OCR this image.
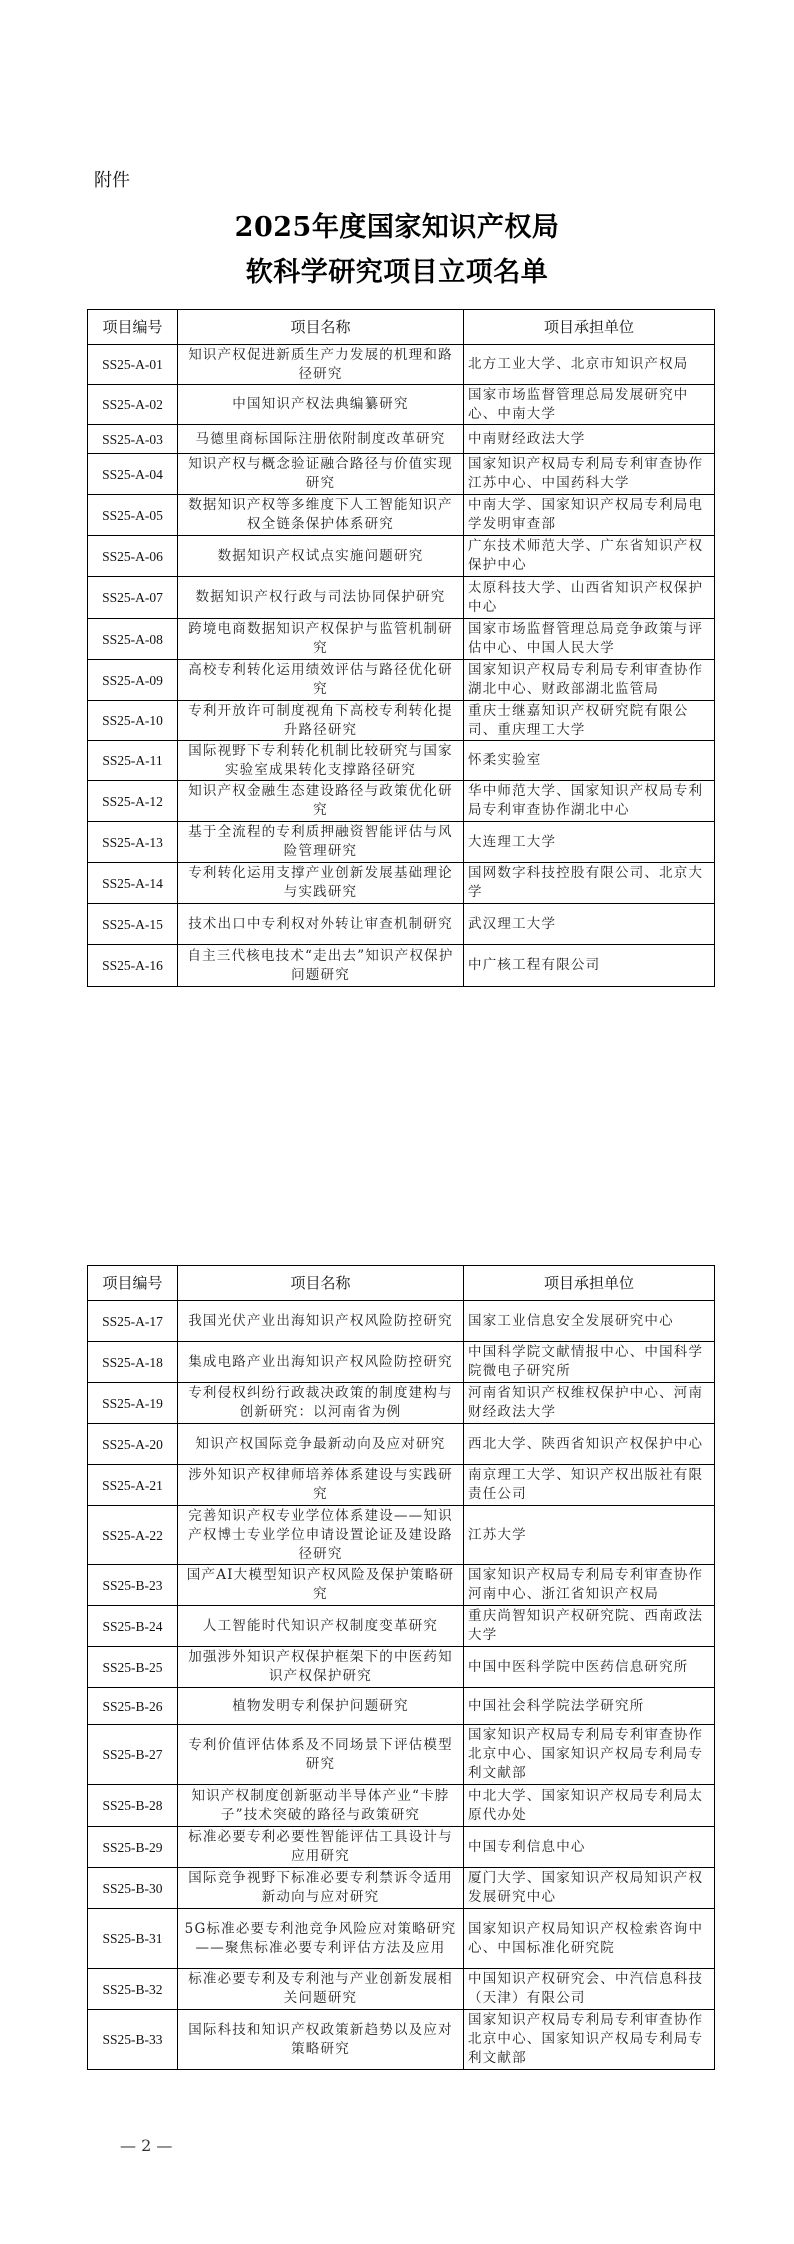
附件
2025年度国家知识产权局
软科学研究项目立项名单
项目编号	项目名称	项目承担单位
SS25-A-01	知识产权促进新质生产力发展的机理和路径研究	北方工业大学、北京市知识产权局
SS25-A-02	中国知识产权法典编纂研究	国家市场监督管理总局发展研究中心、中南大学
SS25-A-03	马德里商标国际注册依附制度改革研究	中南财经政法大学
SS25-A-04	知识产权与概念验证融合路径与价值实现研究	国家知识产权局专利局专利审查协作江苏中心、中国药科大学
SS25-A-05	数据知识产权等多维度下人工智能知识产权全链条保护体系研究	中南大学、国家知识产权局专利局电学发明审查部
SS25-A-06	数据知识产权试点实施问题研究	广东技术师范大学、广东省知识产权保护中心
SS25-A-07	数据知识产权行政与司法协同保护研究	太原科技大学、山西省知识产权保护中心
SS25-A-08	跨境电商数据知识产权保护与监管机制研究	国家市场监督管理总局竞争政策与评估中心、中国人民大学
SS25-A-09	高校专利转化运用绩效评估与路径优化研究	国家知识产权局专利局专利审查协作湖北中心、财政部湖北监管局
SS25-A-10	专利开放许可制度视角下高校专利转化提升路径研究	重庆士继嘉知识产权研究院有限公司、重庆理工大学
SS25-A-11	国际视野下专利转化机制比较研究与国家实验室成果转化支撑路径研究	怀柔实验室
SS25-A-12	知识产权金融生态建设路径与政策优化研究	华中师范大学、国家知识产权局专利局专利审查协作湖北中心
SS25-A-13	基于全流程的专利质押融资智能评估与风险管理研究	大连理工大学
SS25-A-14	专利转化运用支撑产业创新发展基础理论与实践研究	国网数字科技控股有限公司、北京大学
SS25-A-15	技术出口中专利权对外转让审查机制研究	武汉理工大学
SS25-A-16	自主三代核电技术“走出去”知识产权保护问题研究	中广核工程有限公司
项目编号	项目名称	项目承担单位
SS25-A-17	我国光伏产业出海知识产权风险防控研究	国家工业信息安全发展研究中心
SS25-A-18	集成电路产业出海知识产权风险防控研究	中国科学院文献情报中心、中国科学院微电子研究所
SS25-A-19	专利侵权纠纷行政裁决政策的制度建构与创新研究：以河南省为例	河南省知识产权维权保护中心、河南财经政法大学
SS25-A-20	知识产权国际竞争最新动向及应对研究	西北大学、陕西省知识产权保护中心
SS25-A-21	涉外知识产权律师培养体系建设与实践研究	南京理工大学、知识产权出版社有限责任公司
SS25-A-22	完善知识产权专业学位体系建设——知识产权博士专业学位申请设置论证及建设路径研究	江苏大学
SS25-B-23	国产AI大模型知识产权风险及保护策略研究	国家知识产权局专利局专利审查协作河南中心、浙江省知识产权局
SS25-B-24	人工智能时代知识产权制度变革研究	重庆尚智知识产权研究院、西南政法大学
SS25-B-25	加强涉外知识产权保护框架下的中医药知识产权保护研究	中国中医科学院中医药信息研究所
SS25-B-26	植物发明专利保护问题研究	中国社会科学院法学研究所
SS25-B-27	专利价值评估体系及不同场景下评估模型研究	国家知识产权局专利局专利审查协作北京中心、国家知识产权局专利局专利文献部
SS25-B-28	知识产权制度创新驱动半导体产业“卡脖子”技术突破的路径与政策研究	中北大学、国家知识产权局专利局太原代办处
SS25-B-29	标准必要专利必要性智能评估工具设计与应用研究	中国专利信息中心
SS25-B-30	国际竞争视野下标准必要专利禁诉令适用新动向与应对研究	厦门大学、国家知识产权局知识产权发展研究中心
SS25-B-31	5G标准必要专利池竞争风险应对策略研究——聚焦标准必要专利评估方法及应用	国家知识产权局知识产权检索咨询中心、中国标准化研究院
SS25-B-32	标准必要专利及专利池与产业创新发展相关问题研究	中国知识产权研究会、中汽信息科技（天津）有限公司
SS25-B-33	国际科技和知识产权政策新趋势以及应对策略研究	国家知识产权局专利局专利审查协作北京中心、国家知识产权局专利局专利文献部
— 2 —
